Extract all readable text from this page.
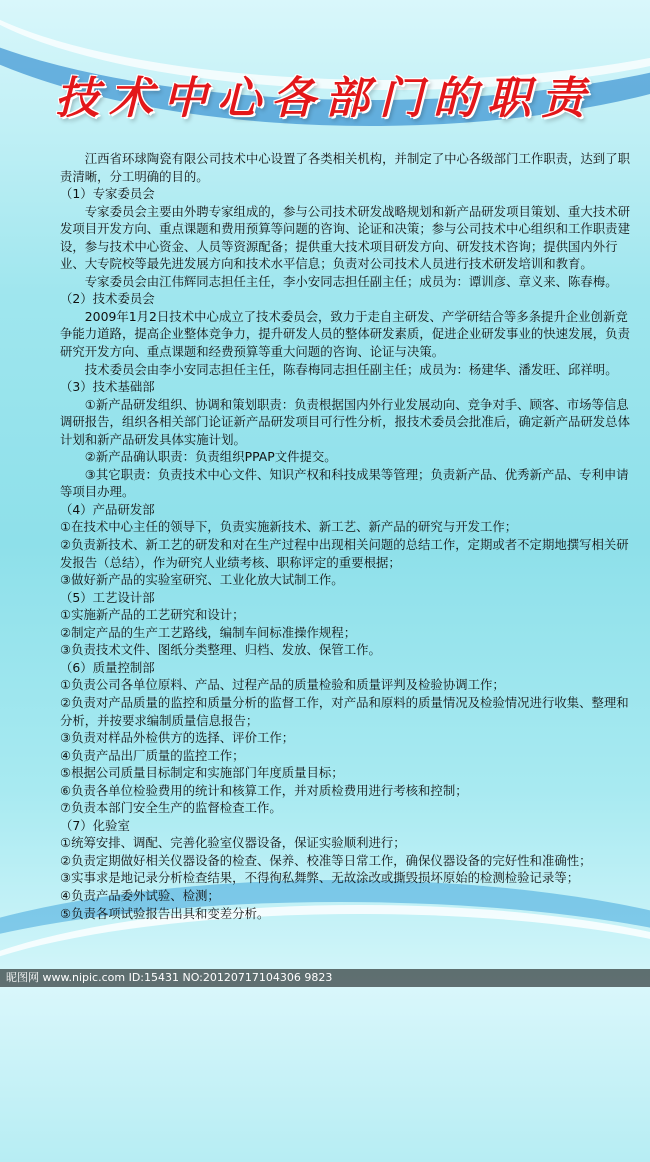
技术中心各部门的职责

江西省环球陶瓷有限公司技术中心设置了各类相关机构，并制定了中心各级部门工作职责，达到了职责清晰，分工明确的目的。

（1）专家委员会

专家委员会主要由外聘专家组成的，参与公司技术研发战略规划和新产品研发项目策划、重大技术研发项目开发方向、重点课题和费用预算等问题的咨询、论证和决策；参与公司技术中心组织和工作职责建设，参与技术中心资金、人员等资源配备；提供重大技术项目研发方向、研发技术咨询；提供国内外行业、大专院校等最先进发展方向和技术水平信息；负责对公司技术人员进行技术研发培训和教育。

专家委员会由江伟辉同志担任主任，李小安同志担任副主任；成员为：谭训彦、章义来、陈春梅。

（2）技术委员会

2009年1月2日技术中心成立了技术委员会，致力于走自主研发、产学研结合等多条提升企业创新竞争能力道路，提高企业整体竞争力，提升研发人员的整体研发素质，促进企业研发事业的快速发展，负责研究开发方向、重点课题和经费预算等重大问题的咨询、论证与决策。

技术委员会由李小安同志担任主任，陈春梅同志担任副主任；成员为：杨建华、潘发旺、邱祥明。

（3）技术基础部

①新产品研发组织、协调和策划职责：负责根据国内外行业发展动向、竞争对手、顾客、市场等信息调研报告，组织各相关部门论证新产品研发项目可行性分析，报技术委员会批准后，确定新产品研发总体计划和新产品研发具体实施计划。

②新产品确认职责：负责组织PPAP文件提交。

③其它职责：负责技术中心文件、知识产权和科技成果等管理；负责新产品、优秀新产品、专利申请等项目办理。

（4）产品研发部

①在技术中心主任的领导下，负责实施新技术、新工艺、新产品的研究与开发工作；

②负责新技术、新工艺的研发和对在生产过程中出现相关问题的总结工作，定期或者不定期地撰写相关研发报告（总结），作为研究人业绩考核、职称评定的重要根据；

③做好新产品的实验室研究、工业化放大试制工作。

（5）工艺设计部

①实施新产品的工艺研究和设计；

②制定产品的生产工艺路线，编制车间标准操作规程；

③负责技术文件、图纸分类整理、归档、发放、保管工作。

（6）质量控制部

①负责公司各单位原料、产品、过程产品的质量检验和质量评判及检验协调工作；

②负责对产品质量的监控和质量分析的监督工作，对产品和原料的质量情况及检验情况进行收集、整理和分析，并按要求编制质量信息报告；

③负责对样品外检供方的选择、评价工作；

④负责产品出厂质量的监控工作；

⑤根据公司质量目标制定和实施部门年度质量目标；

⑥负责各单位检验费用的统计和核算工作，并对质检费用进行考核和控制；

⑦负责本部门安全生产的监督检查工作。

（7）化验室

①统筹安排、调配、完善化验室仪器设备，保证实验顺利进行；

②负责定期做好相关仪器设备的检查、保养、校准等日常工作，确保仪器设备的完好性和准确性；

③实事求是地记录分析检查结果，不得徇私舞弊、无故涂改或撕毁损坏原始的检测检验记录等；

④负责产品委外试验、检测；

⑤负责各项试验报告出具和变差分析。

昵图网 www.nipic.com ID:15431 NO:20120717104306 9823
